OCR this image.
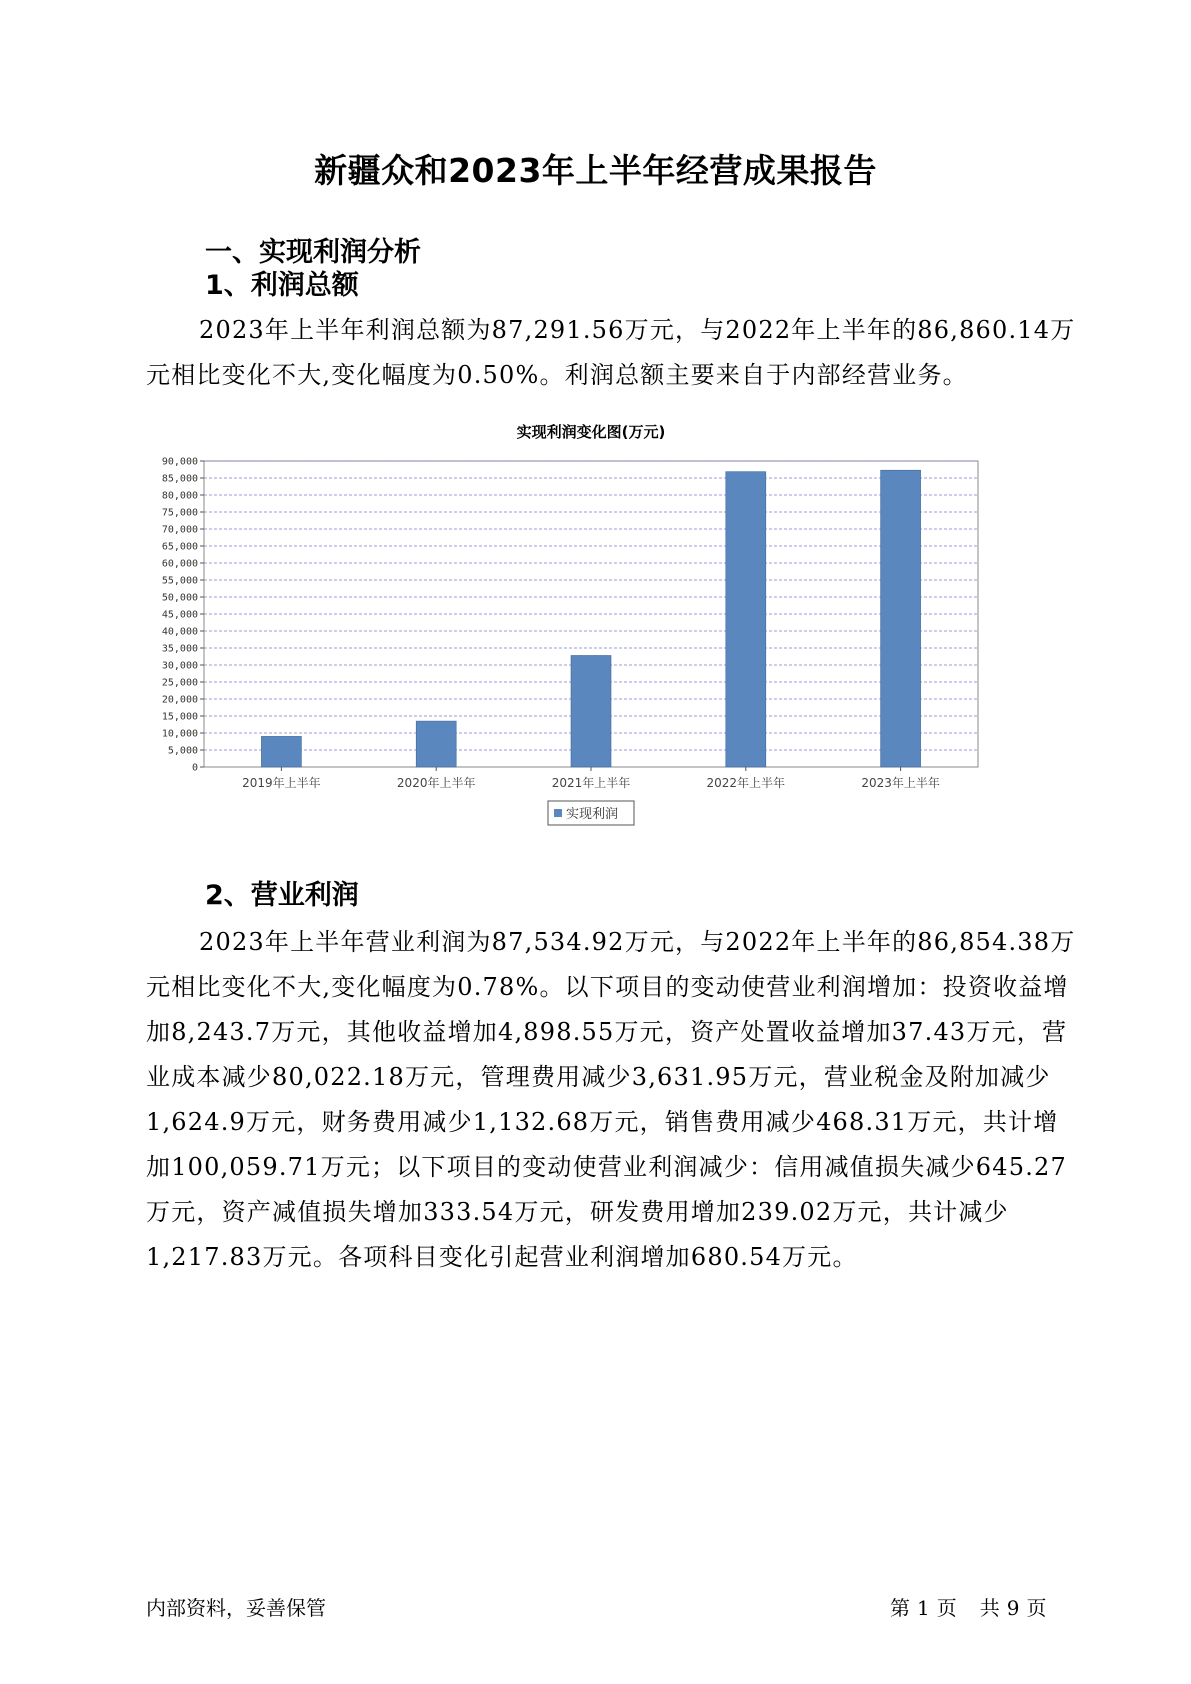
新疆众和2023年上半年经营成果报告
一、实现利润分析
1、利润总额

2023年上半年利润总额为87,291.56万元，与2022年上半年的86,860.14万元相比变化不大,变化幅度为0.50%。利润总额主要来自于内部经营业务。

实现利润变化图(万元)
0
5,000
10,000
15,000
20,000
25,000
30,000
35,000
40,000
45,000
50,000
55,000
60,000
65,000
70,000
75,000
80,000
85,000
90,000
2019年上半年	2020年上半年	2021年上半年	2022年上半年	2023年上半年
实现利润
2、营业利润

2023年上半年营业利润为87,534.92万元，与2022年上半年的86,854.38万元相比变化不大,变化幅度为0.78%。以下项目的变动使营业利润增加：投资收益增加8,243.7万元，其他收益增加4,898.55万元，资产处置收益增加37.43万元，营业成本减少80,022.18万元，管理费用减少3,631.95万元，营业税金及附加减少1,624.9万元，财务费用减少1,132.68万元，销售费用减少468.31万元，共计增加100,059.71万元；以下项目的变动使营业利润减少：信用减值损失减少645.27万元，资产减值损失增加333.54万元，研发费用增加239.02万元，共计减少1,217.83万元。各项科目变化引起营业利润增加680.54万元。

内部资料，妥善保管	第 1 页 共 9 页
